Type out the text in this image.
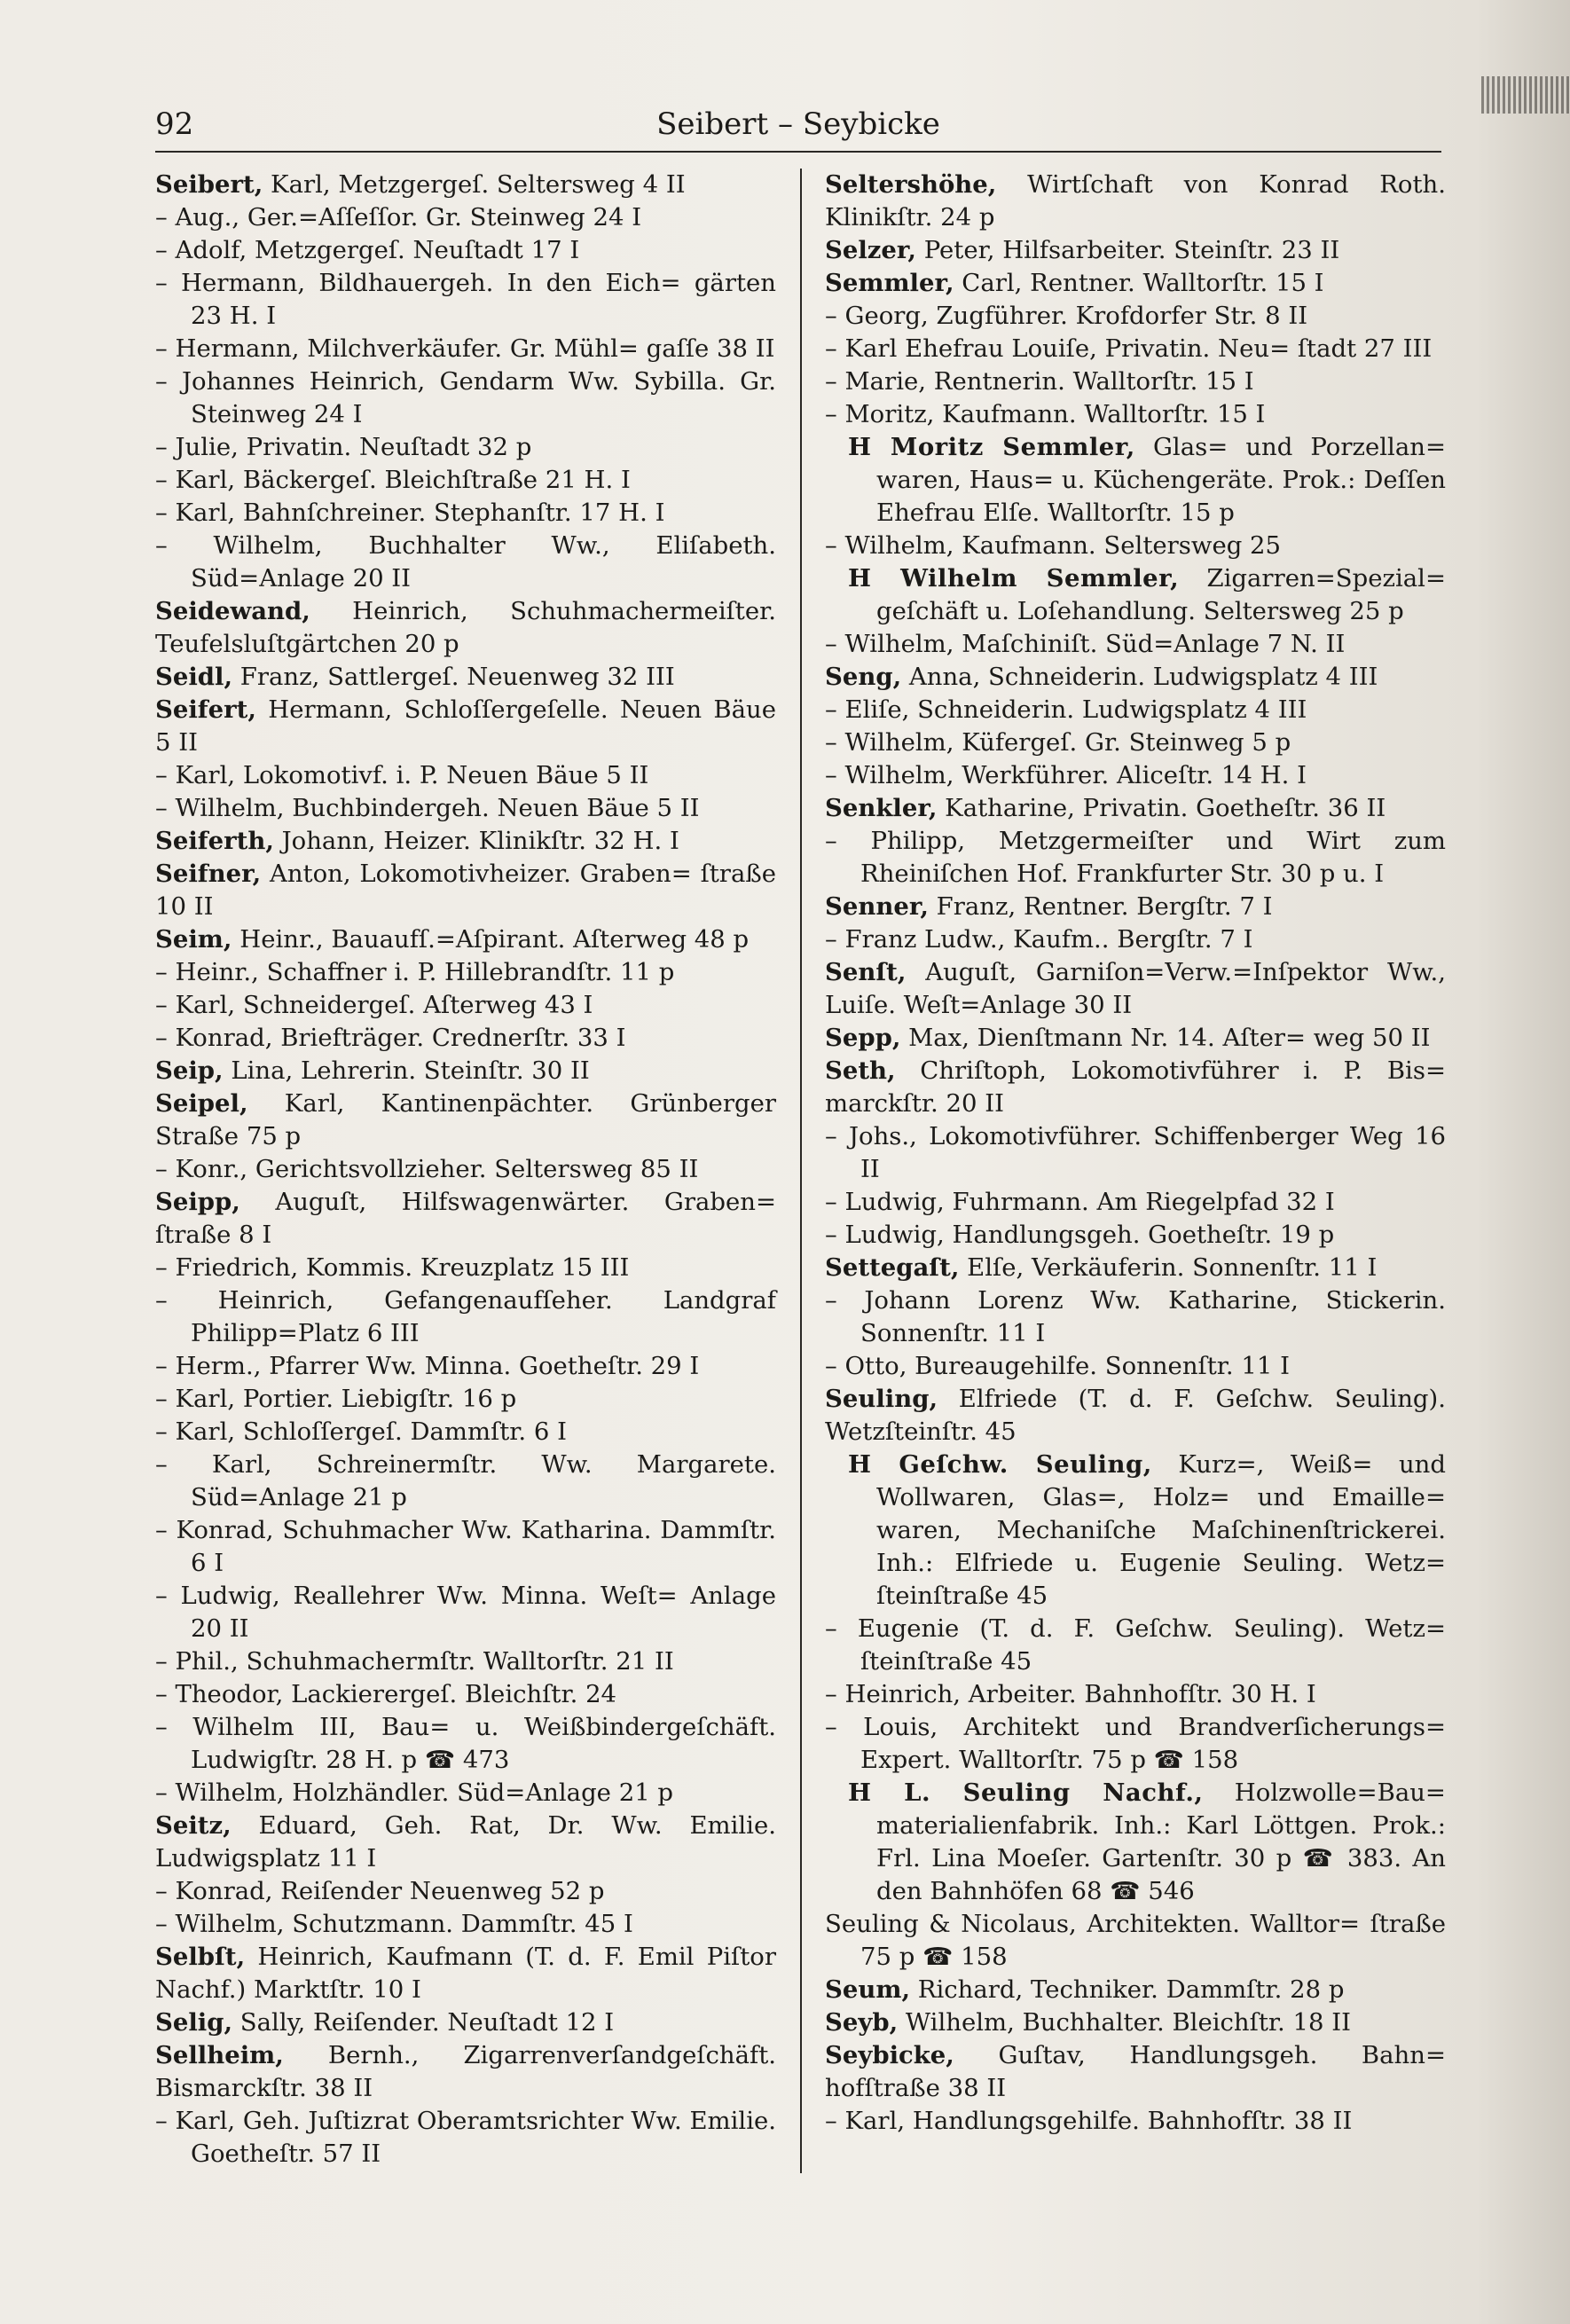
92	Seibert – Seybicke

Seibert, Karl, Metzgergeſ. Selterswe​g 4 II

– Aug., Ger.=Aſſeſſor. Gr. Steinweg 24 I

– Adolf, Metzgergeſ. Neuſtadt 17 I

– Hermann, Bildhauergeh. In den Eich= gärten 23 H. I

– Hermann, Milchverkäufer. Gr. Mühl= gaſſe 38 II

– Johannes Heinrich, Gendarm Ww. Sybilla. Gr. Steinweg 24 I

– Julie, Privatin. Neuſtadt 32 p

– Karl, Bäckergeſ. Bleichſtraße 21 H. I

– Karl, Bahnſchreiner. Stephanſtr. 17 H. I

– Wilhelm, Buchhalter Ww., Eliſabeth. Süd=Anlage 20 II

Seidewand, Heinrich, Schuhmachermeiſter. Teufelsluſtgärtchen 20 p

Seidl, Franz, Sattlergeſ. Neuenweg 32 III

Seifert, Hermann, Schloſſergeſelle. Neuen Bäue 5 II

– Karl, Lokomotivf. i. P. Neuen Bäue 5 II

– Wilhelm, Buchbindergeh. Neuen Bäue 5 II

Seiferth, Johann, Heizer. Klinikſtr. 32 H. I

Seifner, Anton, Lokomotivheizer. Graben= ſtraße 10 II

Seim, Heinr., Bauaufſ.=Aſpirant. Aſterweg 48 p

– Heinr., Schaffner i. P. Hillebrandſtr. 11 p

– Karl, Schneidergeſ. Aſterweg 43 I

– Konrad, Briefträger. Crednerſtr. 33 I

Seip, Lina, Lehrerin. Steinſtr. 30 II

Seipel, Karl, Kantinenpächter. Grünberger Straße 75 p

– Konr., Gerichtsvollzieher. Selterswe​g 85 II

Seipp, Auguſt, Hilfswagenwärter. Graben= ſtraße 8 I

– Friedrich, Kommis. Kreuzplatz 15 III

– Heinrich, Gefangenaufſeher. Landgraf Philipp=Platz 6 III

– Herm., Pfarrer Ww. Minna. Goetheſtr. 29 I

– Karl, Portier. Liebigſtr. 16 p

– Karl, Schloſſergeſ. Dammſtr. 6 I

– Karl, Schreinermſtr. Ww. Margarete. Süd=Anlage 21 p

– Konrad, Schuhmacher Ww. Katharina. Dammſtr. 6 I

– Ludwig, Reallehrer Ww. Minna. Weſt= Anlage 20 II

– Phil., Schuhmachermſtr. Walltorſtr. 21 II

– Theodor, Lackierergeſ. Bleichſtr. 24

– Wilhelm III, Bau= u. Weißbindergeſchäft. Ludwigſtr. 28 H. p ☎ 473

– Wilhelm, Holzhändler. Süd=Anlage 21 p

Seitz, Eduard, Geh. Rat, Dr. Ww. Emilie. Ludwigsplatz 11 I

– Konrad, Reiſender Neuenweg 52 p

– Wilhelm, Schutzmann. Dammſtr. 45 I

Selbſt, Heinrich, Kaufmann (T. d. F. Emil Piſtor Nachf.) Marktſtr. 10 I

Selig, Sally, Reiſender. Neuſtadt 12 I

Sellheim, Bernh., Zigarrenverſandgeſchäft. Bismarckſtr. 38 II

– Karl, Geh. Juſtizrat Oberamtsrichter Ww. Emilie. Goetheſtr. 57 II

Seltershöhe, Wirtſchaft von Konrad Roth. Klinikſtr. 24 p

Selzer, Peter, Hilfsarbeiter. Steinſtr. 23 II

Semmler, Carl, Rentner. Walltorſtr. 15 I

– Georg, Zugführer. Krofdorfer Str. 8 II

– Karl Ehefrau Louiſe, Privatin. Neu= ſtadt 27 III

– Marie, Rentnerin. Walltorſtr. 15 I

– Moritz, Kaufmann. Walltorſtr. 15 I

H Moritz Semmler, Glas= und Porzellan= waren, Haus= u. Küchengeräte. Prok.: Deſſen Ehefrau Elſe. Walltorſtr. 15 p

– Wilhelm, Kaufmann. Selterswe​g 25

H Wilhelm Semmler, Zigarren=Spezial= geſchäft u. Loſehandlung. Selterswe​g 25 p

– Wilhelm, Maſchiniſt. Süd=Anlage 7 N. II

Seng, Anna, Schneiderin. Ludwigsplatz 4 III

– Eliſe, Schneiderin. Ludwigsplatz 4 III

– Wilhelm, Küfergeſ. Gr. Steinweg 5 p

– Wilhelm, Werkführer. Aliceſtr. 14 H. I

Senkler, Katharine, Privatin. Goetheſtr. 36 II

– Philipp, Metzgermeiſter und Wirt zum Rheiniſchen Hof. Frankfurter Str. 30 p u. I

Senner, Franz, Rentner. Bergſtr. 7 I

– Franz Ludw., Kaufm.. Bergſtr. 7 I

Senſt, Auguſt, Garniſon=Verw.=Inſpektor Ww., Luiſe. Weſt=Anlage 30 II

Sepp, Max, Dienſtmann Nr. 14. Aſter= weg 50 II

Seth, Chriſtoph, Lokomotivführer i. P. Bis= marckſtr. 20 II

– Johs., Lokomotivführer. Schiffenberger Weg 16 II

– Ludwig, Fuhrmann. Am Riegelpfad 32 I

– Ludwig, Handlungsgeh. Goetheſtr. 19 p

Settegaſt, Elſe, Verkäuferin. Sonnenſtr. 11 I

– Johann Lorenz Ww. Katharine, Stickerin. Sonnenſtr. 11 I

– Otto, Bureaugehilfe. Sonnenſtr. 11 I

Seuling, Elfriede (T. d. F. Geſchw. Seuling). Wetzſteinſtr. 45

H Geſchw. Seuling, Kurz=, Weiß= und Wollwaren, Glas=, Holz= und Emaille= waren, Mechaniſche Maſchinenſtrickerei. Inh.: Elfriede u. Eugenie Seuling. Wetz= ſteinſtraße 45

– Eugenie (T. d. F. Geſchw. Seuling). Wetz= ſteinſtraße 45

– Heinrich, Arbeiter. Bahnhofſtr. 30 H. I

– Louis, Architekt und Brandverſicherungs= Expert. Walltorſtr. 75 p ☎ 158

H L. Seuling Nachf., Holzwolle=Bau= materialienfabrik. Inh.: Karl Löttgen. Prok.: Frl. Lina Moeſer. Gartenſtr. 30 p ☎ 383. An den Bahnhöfen 68 ☎ 546

Seuling & Nicolaus, Architekten. Walltor= ſtraße 75 p ☎ 158

Seum, Richard, Techniker. Dammſtr. 28 p

Seyb, Wilhelm, Buchhalter. Bleichſtr. 18 II

Seybicke, Guſtav, Handlungsgeh. Bahn= hofſtraße 38 II

– Karl, Handlungsgehilfe. Bahnhofſtr. 38 II
